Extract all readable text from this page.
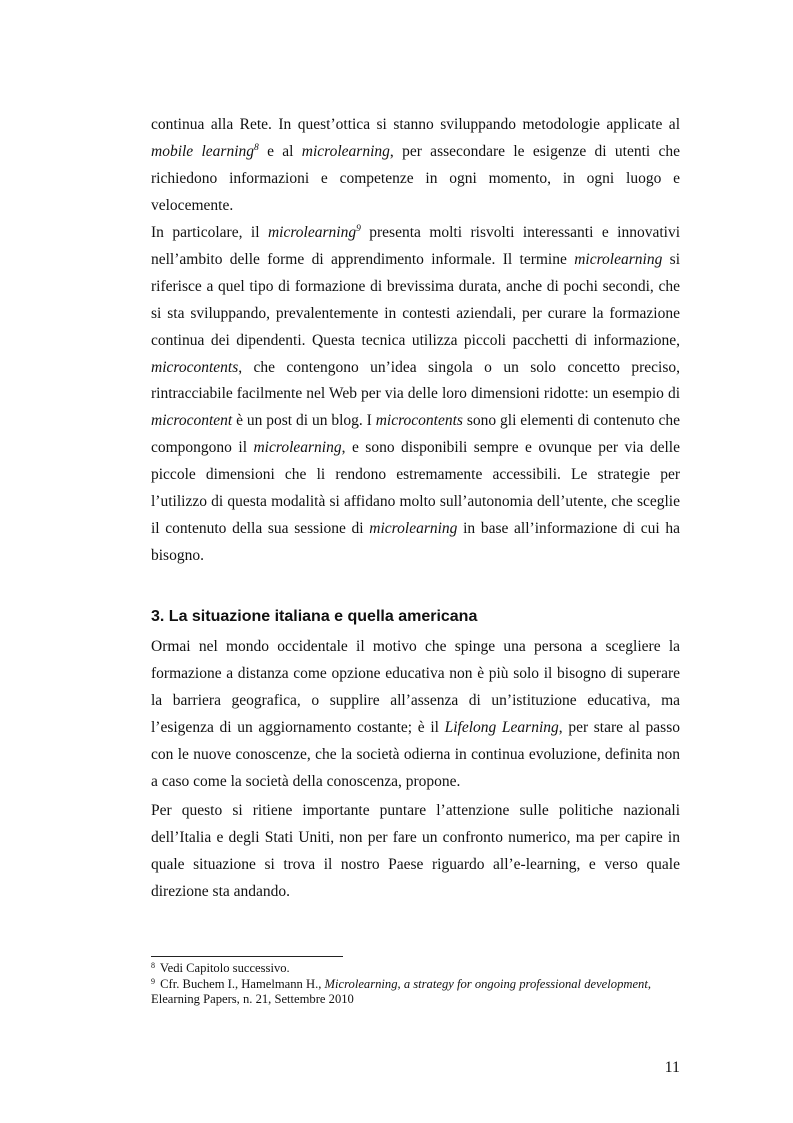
continua alla Rete. In quest’ottica si stanno sviluppando metodologie applicate al mobile learning$^8$ e al microlearning, per assecondare le esigenze di utenti che richiedono informazioni e competenze in ogni momento, in ogni luogo e velocemente.

In particolare, il microlearning$^9$ presenta molti risvolti interessanti e innovativi nell’ambito delle forme di apprendimento informale. Il termine microlearning si riferisce a quel tipo di formazione di brevissima durata, anche di pochi secondi, che si sta sviluppando, prevalentemente in contesti aziendali, per curare la formazione continua dei dipendenti. Questa tecnica utilizza piccoli pacchetti di informazione, microcontents, che contengono un’idea singola o un solo concetto preciso, rintracciabile facilmente nel Web per via delle loro dimensioni ridotte: un esempio di microcontent è un post di un blog. I microcontents sono gli elementi di contenuto che compongono il microlearning, e sono disponibili sempre e ovunque per via delle piccole dimensioni che li rendono estremamente accessibili. Le strategie per l’utilizzo di questa modalità si affidano molto sull’autonomia dell’utente, che sceglie il contenuto della sua sessione di microlearning in base all’informazione di cui ha bisogno.

3. La situazione italiana e quella americana

Ormai nel mondo occidentale il motivo che spinge una persona a scegliere la formazione a distanza come opzione educativa non è più solo il bisogno di superare la barriera geografica, o supplire all’assenza di un’istituzione educativa, ma l’esigenza di un aggiornamento costante; è il Lifelong Learning, per stare al passo con le nuove conoscenze, che la società odierna in continua evoluzione, definita non a caso come la società della conoscenza, propone.

Per questo si ritiene importante puntare l’attenzione sulle politiche nazionali dell’Italia e degli Stati Uniti, non per fare un confronto numerico, ma per capire in quale situazione si trova il nostro Paese riguardo all’e-learning, e verso quale direzione sta andando.

$^8$ Vedi Capitolo successivo.

$^9$ Cfr. Buchem I., Hamelmann H., Microlearning, a strategy for ongoing professional development, Elearning Papers, n. 21, Settembre 2010

11
